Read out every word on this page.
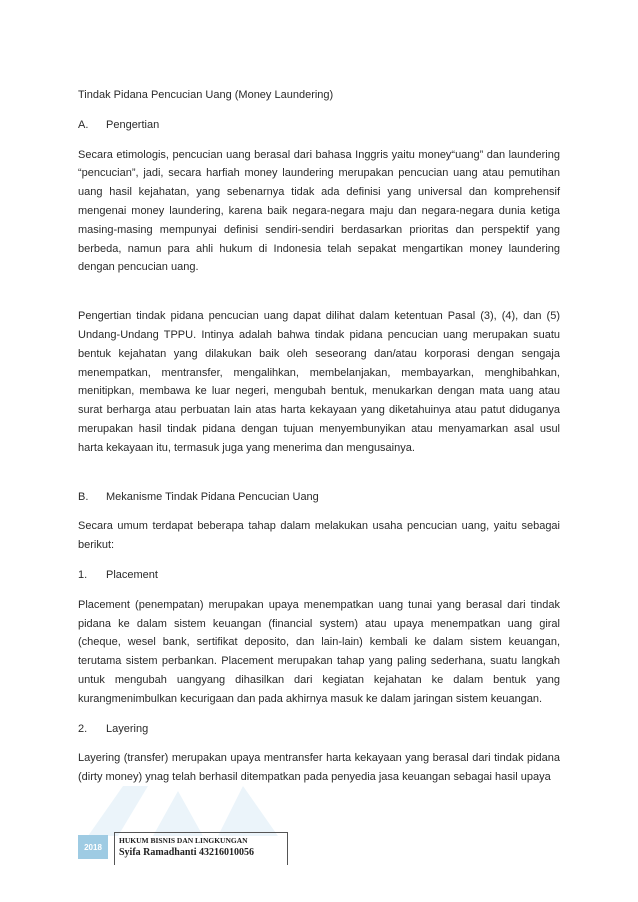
Tindak Pidana Pencucian Uang (Money Laundering)
A.	Pengertian

Secara etimologis, pencucian uang berasal dari bahasa Inggris yaitu money“uang” dan laundering “pencucian”, jadi, secara harfiah money laundering merupakan pencucian uang atau pemutihan uang hasil kejahatan, yang sebenarnya tidak ada definisi yang universal dan komprehensif mengenai money laundering, karena baik negara-negara maju dan negara-negara dunia ketiga masing-masing mempunyai definisi sendiri-sendiri berdasarkan prioritas dan perspektif yang berbeda, namun para ahli hukum di Indonesia telah sepakat mengartikan money laundering dengan pencucian uang.

Pengertian tindak pidana pencucian uang dapat dilihat dalam ketentuan Pasal (3), (4), dan (5) Undang-Undang TPPU. Intinya adalah bahwa tindak pidana pencucian uang merupakan suatu bentuk kejahatan yang dilakukan baik oleh seseorang dan/atau korporasi dengan sengaja menempatkan, mentransfer, mengalihkan, membelanjakan, membayarkan, menghibahkan, menitipkan, membawa ke luar negeri, mengubah bentuk, menukarkan dengan mata uang atau surat berharga atau perbuatan lain atas harta kekayaan yang diketahuinya atau patut diduganya merupakan hasil tindak pidana dengan tujuan menyembunyikan atau menyamarkan asal usul harta kekayaan itu, termasuk juga yang menerima dan mengusainya.

B.	Mekanisme Tindak Pidana Pencucian Uang

Secara umum terdapat beberapa tahap dalam melakukan usaha pencucian uang, yaitu sebagai berikut:

1.	Placement

Placement (penempatan) merupakan upaya menempatkan uang tunai yang berasal dari tindak pidana ke dalam sistem keuangan (financial system) atau upaya menempatkan uang giral (cheque, wesel bank, sertifikat deposito, dan lain-lain) kembali ke dalam sistem keuangan, terutama sistem perbankan. Placement merupakan tahap yang paling sederhana, suatu langkah untuk mengubah uangyang dihasilkan dari kegiatan kejahatan ke dalam bentuk yang kurangmenimbulkan kecurigaan dan pada akhirnya masuk ke dalam jaringan sistem keuangan.

2.	Layering

Layering (transfer) merupakan upaya mentransfer harta kekayaan yang berasal dari tindak pidana (dirty money) ynag telah berhasil ditempatkan pada penyedia jasa keuangan sebagai hasil upaya

2018
HUKUM BISNIS DAN LINGKUNGAN
Syifa Ramadhanti 43216010056
